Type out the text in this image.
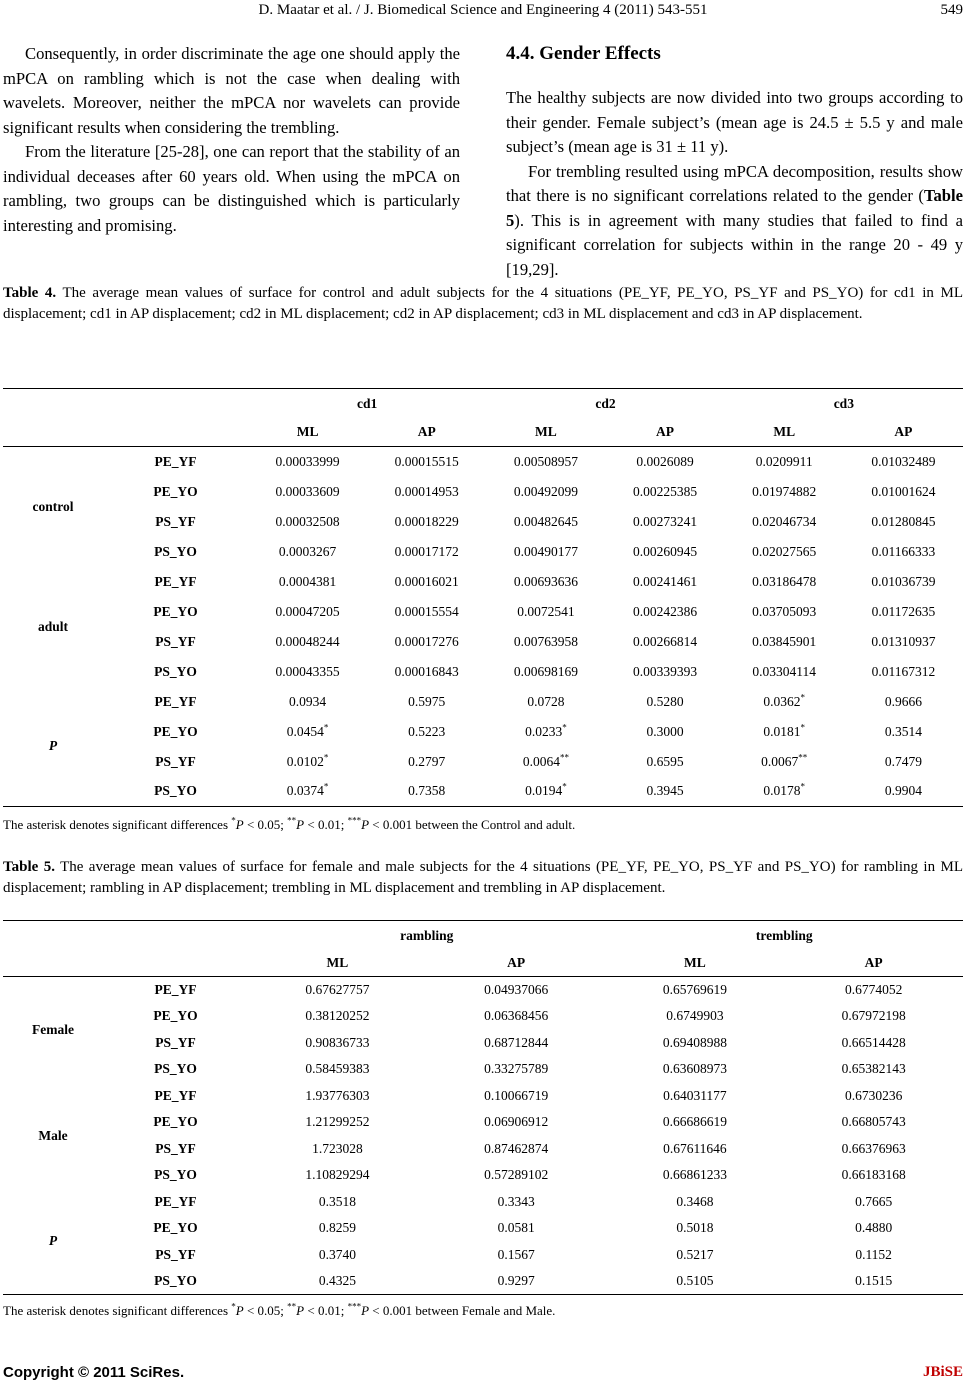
D. Maatar et al. / J. Biomedical Science and Engineering 4 (2011) 543-551	549

Consequently, in order discriminate the age one should apply the mPCA on rambling which is not the case when dealing with wavelets. Moreover, neither the mPCA nor wavelets can provide significant results when considering the trembling.

From the literature [25-28], one can report that the stability of an individual deceases after 60 years old. When using the mPCA on rambling, two groups can be distinguished which is particularly interesting and promising.

4.4. Gender Effects

The healthy subjects are now divided into two groups according to their gender. Female subject’s (mean age is 24.5 ± 5.5 y and male subject’s (mean age is 31 ± 11 y).

For trembling resulted using mPCA decomposition, results show that there is no significant correlations related to the gender (Table 5). This is in agreement with many studies that failed to find a significant correlation for subjects within in the range 20 - 49 y [19,29].

Table 4. The average mean values of surface for control and adult subjects for the 4 situations (PE_YF, PE_YO, PS_YF and PS_YO) for cd1 in ML displacement; cd1 in AP displacement; cd2 in ML displacement; cd2 in AP displacement; cd3 in ML displacement and cd3 in AP displacement.
		cd1		cd2		cd3	
		ML	AP	ML	AP	ML	AP
control	PE_YF	0.00033999	0.00015515	0.00508957	0.0026089	0.0209911	0.01032489
	PE_YO	0.00033609	0.00014953	0.00492099	0.00225385	0.01974882	0.01001624
	PS_YF	0.00032508	0.00018229	0.00482645	0.00273241	0.02046734	0.01280845
	PS_YO	0.0003267	0.00017172	0.00490177	0.00260945	0.02027565	0.01166333
adult	PE_YF	0.0004381	0.00016021	0.00693636	0.00241461	0.03186478	0.01036739
	PE_YO	0.00047205	0.00015554	0.0072541	0.00242386	0.03705093	0.01172635
	PS_YF	0.00048244	0.00017276	0.00763958	0.00266814	0.03845901	0.01310937
	PS_YO	0.00043355	0.00016843	0.00698169	0.00339393	0.03304114	0.01167312
P	PE_YF	0.0934	0.5975	0.0728	0.5280	0.0362*	0.9666
	PE_YO	0.0454*	0.5223	0.0233*	0.3000	0.0181*	0.3514
	PS_YF	0.0102*	0.2797	0.0064**	0.6595	0.0067**	0.7479
	PS_YO	0.0374*	0.7358	0.0194*	0.3945	0.0178*	0.9904
The asterisk denotes significant differences *P < 0.05; **P < 0.01; ***P < 0.001 between the Control and adult.
Table 5. The average mean values of surface for female and male subjects for the 4 situations (PE_YF, PE_YO, PS_YF and PS_YO) for rambling in ML displacement; rambling in AP displacement; trembling in ML displacement and trembling in AP displacement.
		rambling		trembling	
		ML	AP	ML	AP
Female	PE_YF	0.67627757	0.04937066	0.65769619	0.6774052
	PE_YO	0.38120252	0.06368456	0.6749903	0.67972198
	PS_YF	0.90836733	0.68712844	0.69408988	0.66514428
	PS_YO	0.58459383	0.33275789	0.63608973	0.65382143
Male	PE_YF	1.93776303	0.10066719	0.64031177	0.6730236
	PE_YO	1.21299252	0.06906912	0.66686619	0.66805743
	PS_YF	1.723028	0.87462874	0.67611646	0.66376963
	PS_YO	1.10829294	0.57289102	0.66861233	0.66183168
P	PE_YF	0.3518	0.3343	0.3468	0.7665
	PE_YO	0.8259	0.0581	0.5018	0.4880
	PS_YF	0.3740	0.1567	0.5217	0.1152
	PS_YO	0.4325	0.9297	0.5105	0.1515
The asterisk denotes significant differences *P < 0.05; **P < 0.01; ***P < 0.001 between Female and Male.
Copyright © 2011 SciRes.	JBiSE
